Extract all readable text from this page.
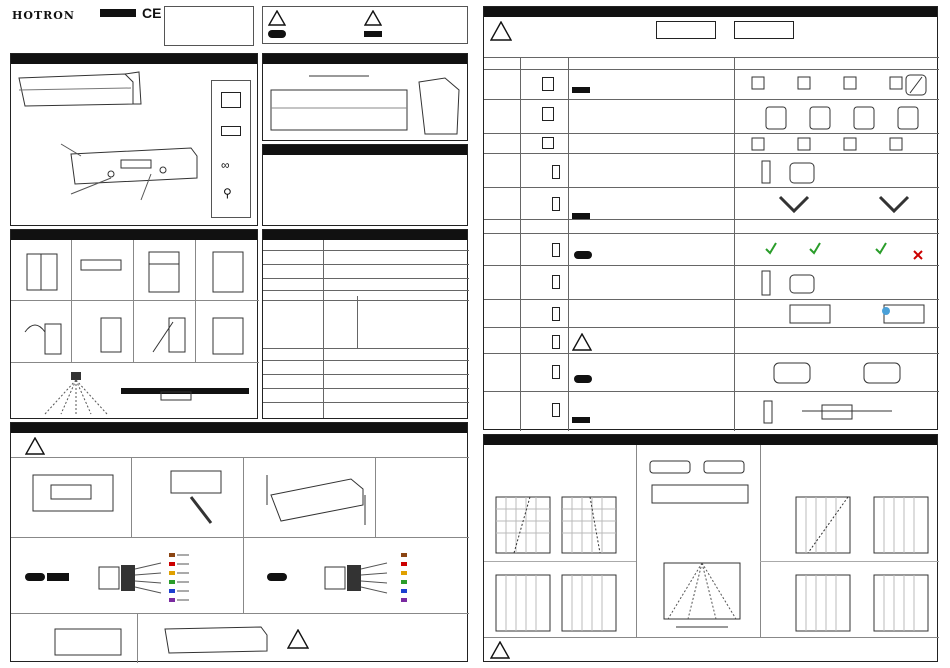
HOTRON	CE
∞
⚲
